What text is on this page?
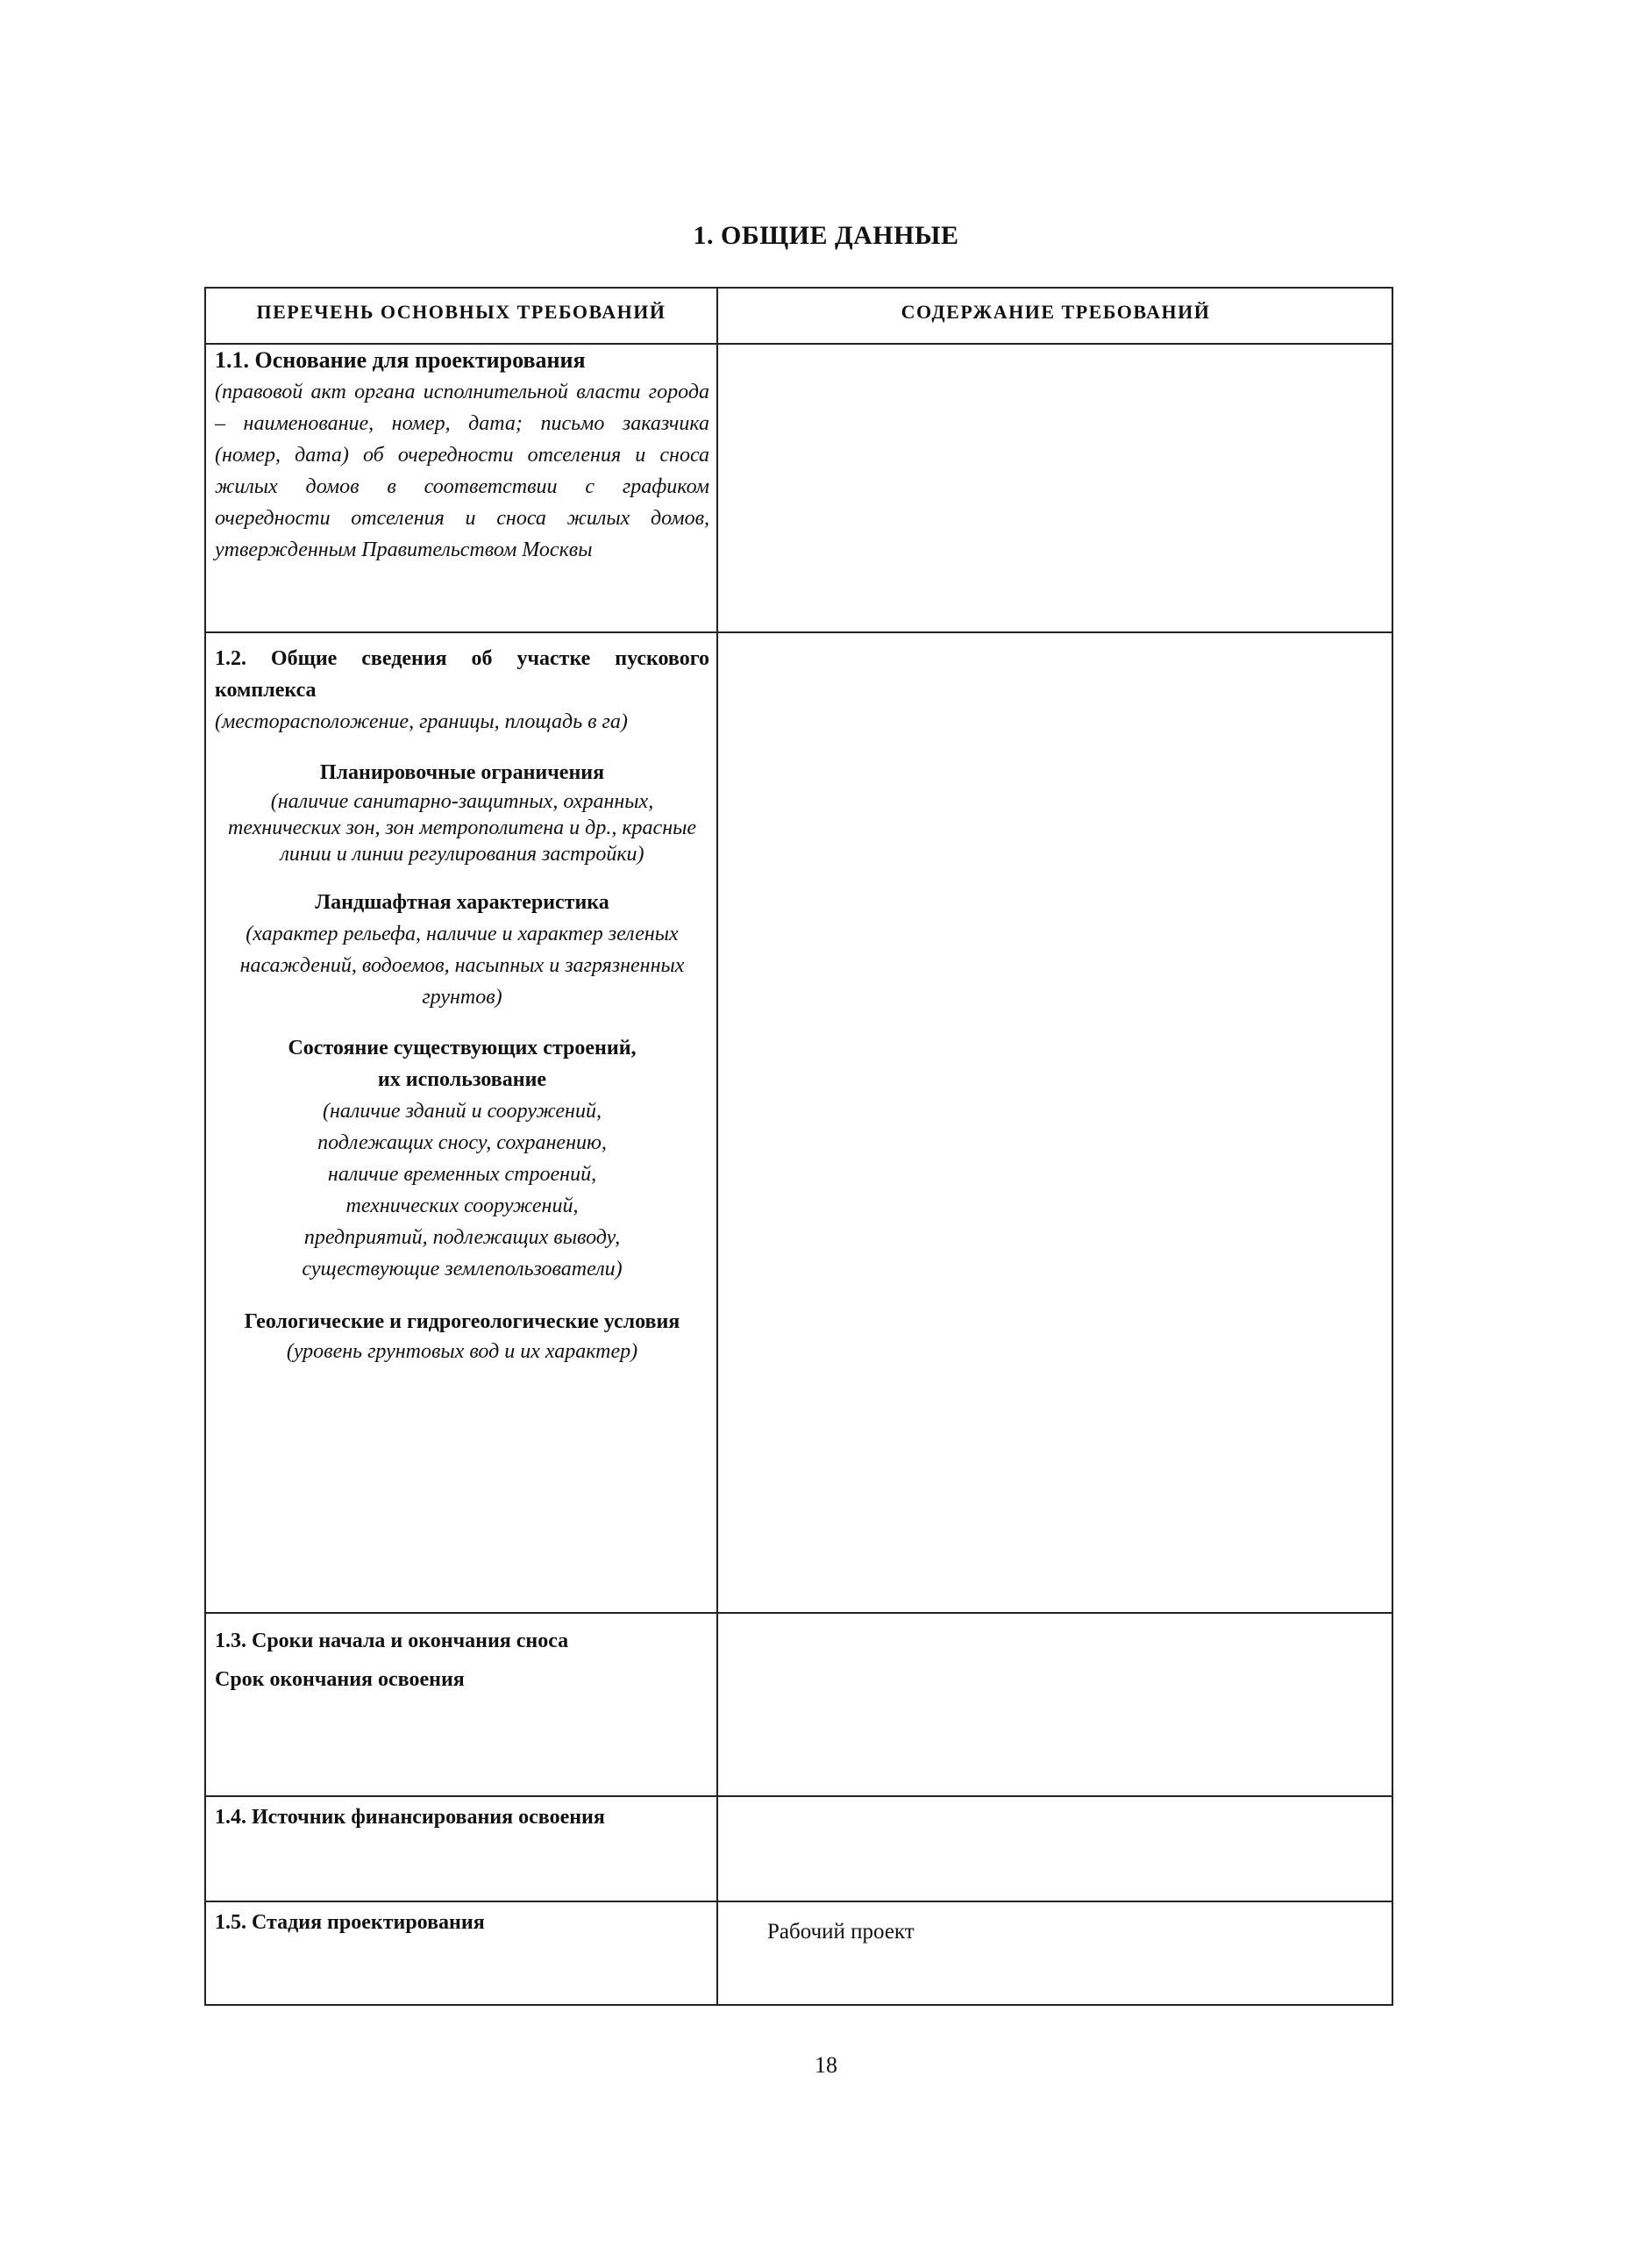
1. ОБЩИЕ ДАННЫЕ
ПЕРЕЧЕНЬ ОСНОВНЫХ ТРЕБОВАНИЙ	СОДЕРЖАНИЕ ТРЕБОВАНИЙ
1.1. Основание для проектирования
(правовой акт органа исполнительной власти города – наименование, номер, дата; письмо заказчика (номер, дата) об очередности отселения и сноса жилых домов в соответствии с графиком очередности отселения и сноса жилых домов, утвержденным Правительством Москвы
1.2. Общие сведения об участке пускового комплекса
(месторасположение, границы, площадь в га)
Планировочные ограничения
(наличие санитарно-защитных, охранных, технических зон, зон метрополитена и др., красные линии и линии регулирования застройки)
Ландшафтная характеристика
(характер рельефа, наличие и характер зеленых насаждений, водоемов, насыпных и загрязненных грунтов)
Состояние существующих строений, их использование
(наличие зданий и сооружений, подлежащих сносу, сохранению, наличие временных строений, технических сооружений, предприятий, подлежащих выводу, существующие землепользователи)
Геологические и гидрогеологические условия
(уровень грунтовых вод и их характер)
1.3. Сроки начала и окончания сноса
Срок окончания освоения
1.4. Источник финансирования освоения
1.5. Стадия проектирования	Рабочий проект
18
